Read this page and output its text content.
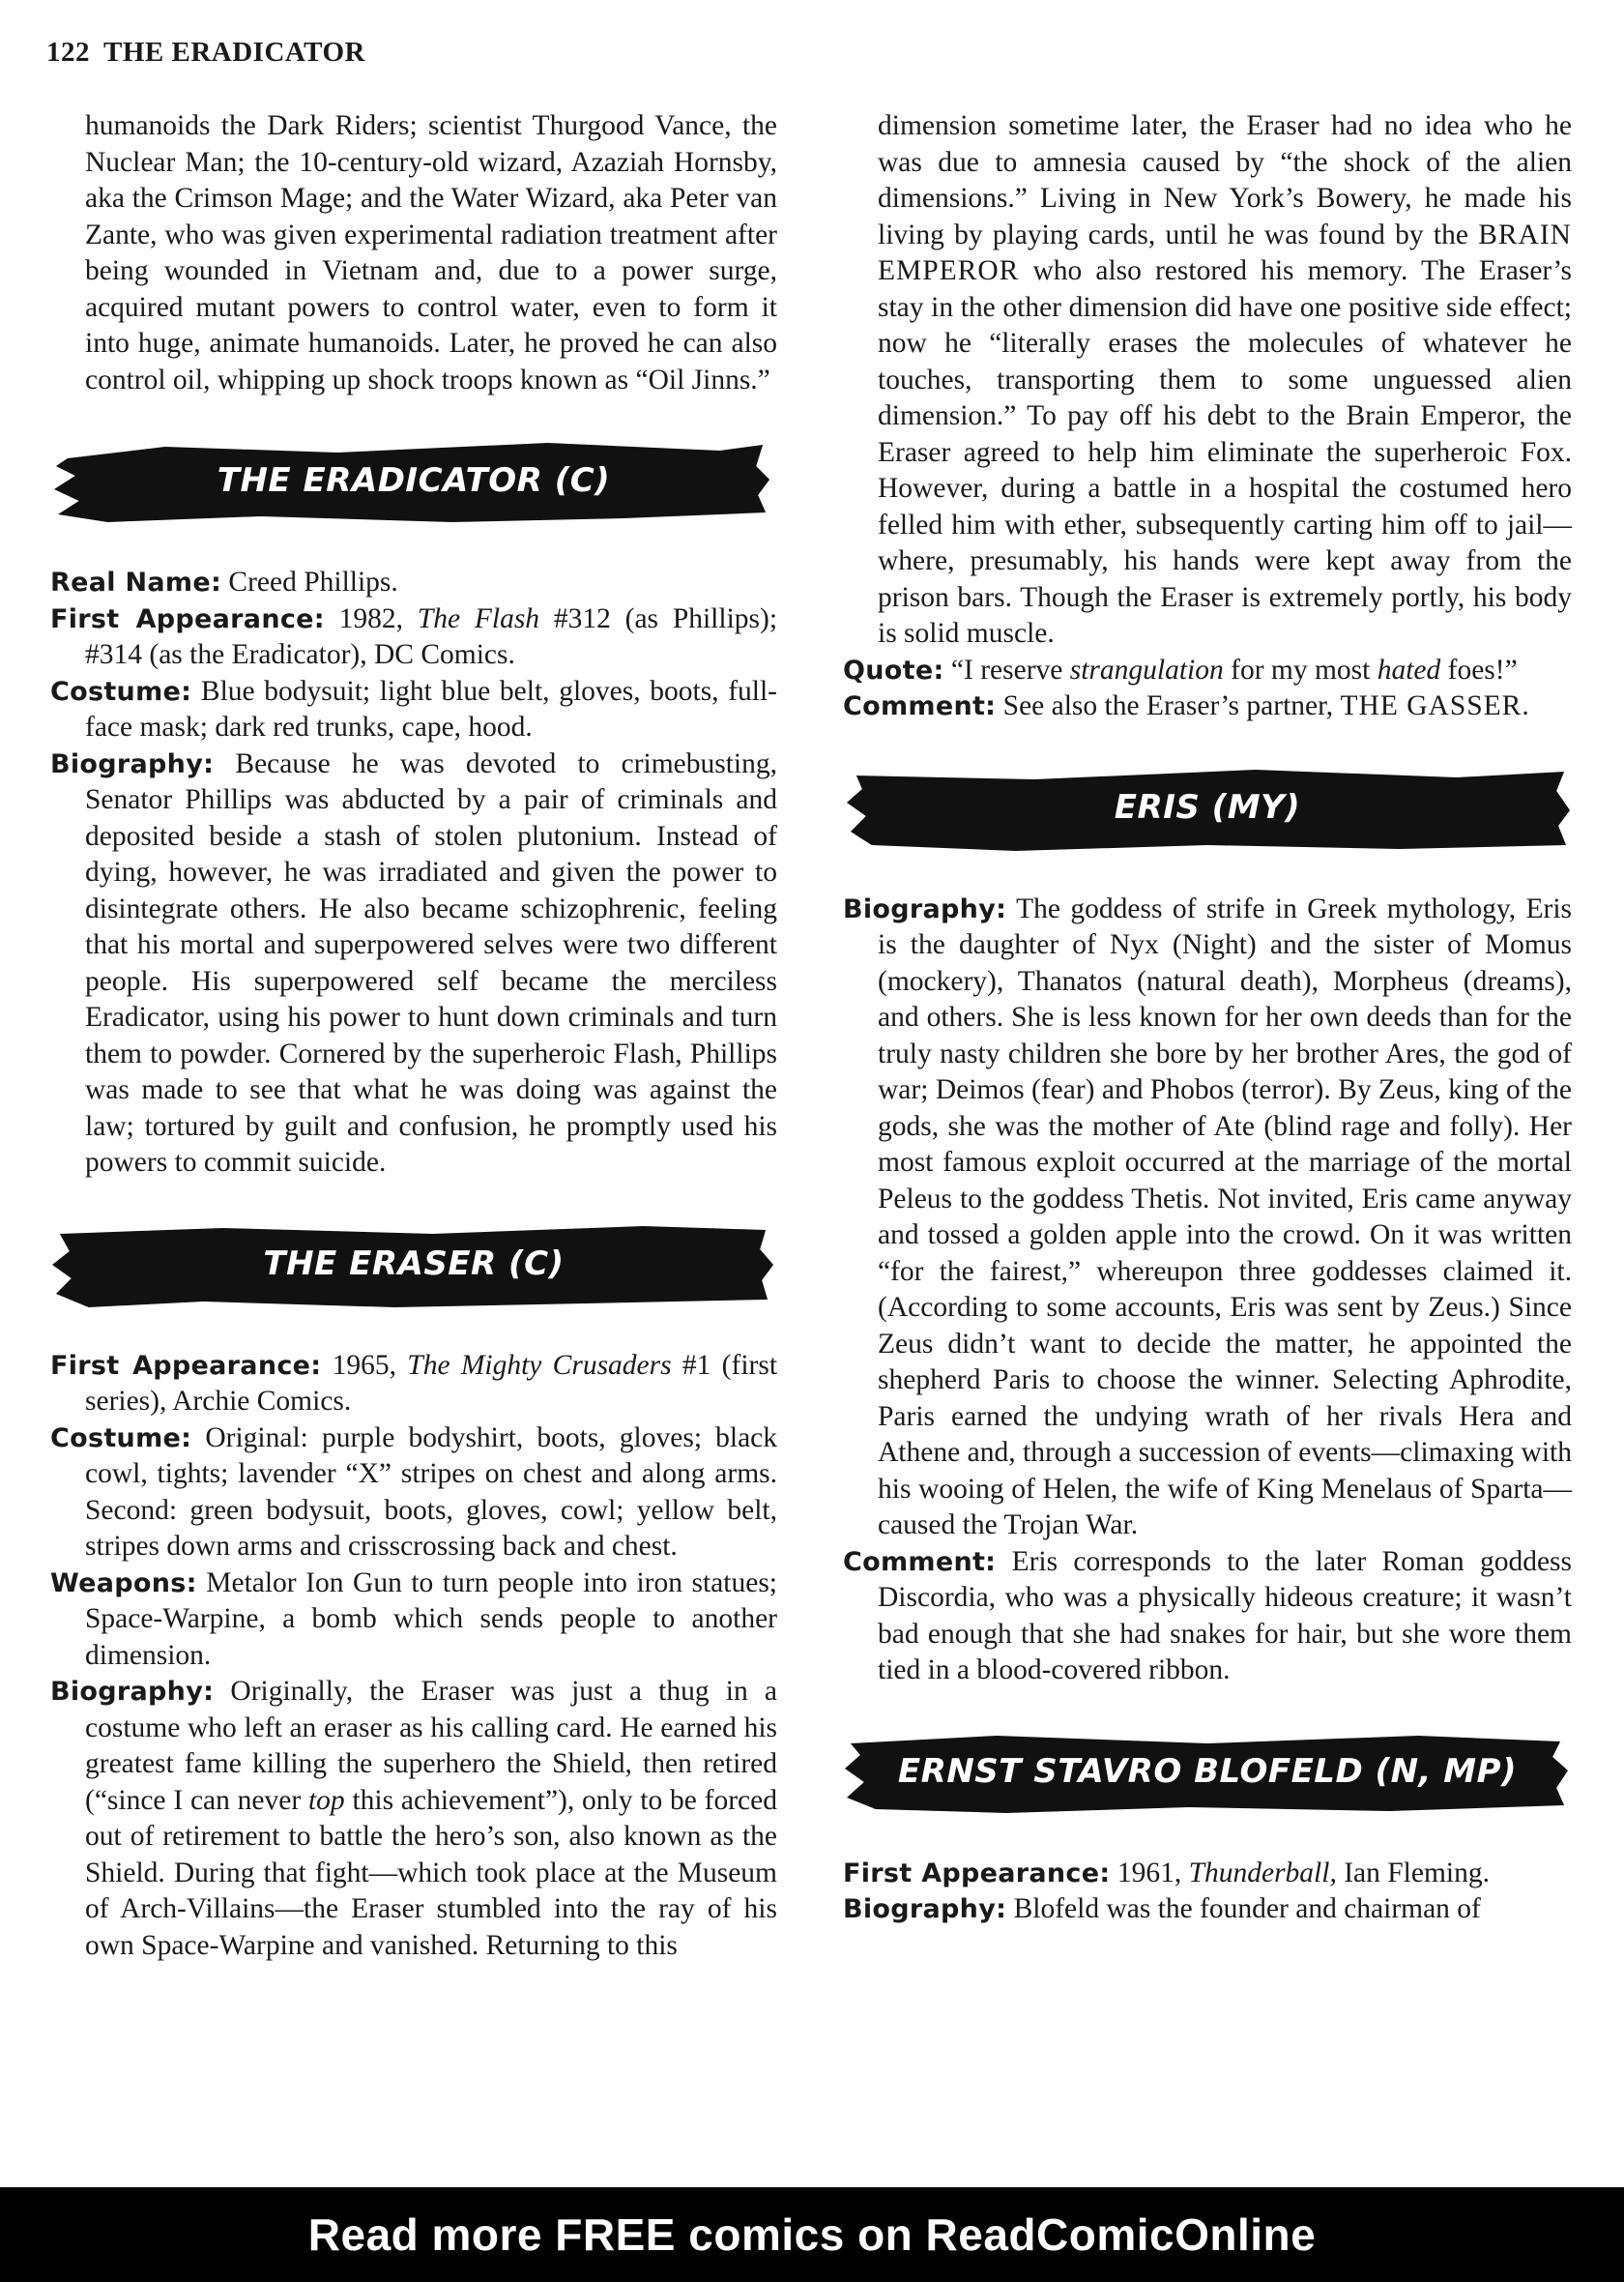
122 THE ERADICATOR

humanoids the Dark Riders; scientist Thurgood Vance, the Nuclear Man; the 10-century-old wizard, Azaziah Hornsby, aka the Crimson Mage; and the Water Wizard, aka Peter van Zante, who was given experimental radiation treatment after being wounded in Vietnam and, due to a power surge, acquired mutant powers to control water, even to form it into huge, animate humanoids. Later, he proved he can also control oil, whipping up shock troops known as “Oil Jinns.”

THE ERADICATOR (C)

Real Name: Creed Phillips.

First Appearance: 1982, The Flash #312 (as Phillips); #314 (as the Eradicator), DC Comics.

Costume: Blue bodysuit; light blue belt, gloves, boots, full-face mask; dark red trunks, cape, hood.

Biography: Because he was devoted to crimebusting, Senator Phillips was abducted by a pair of criminals and deposited beside a stash of stolen plutonium. Instead of dying, however, he was irradiated and given the power to disintegrate others. He also became schizophrenic, feeling that his mortal and superpowered selves were two different people. His superpowered self became the merciless Eradicator, using his power to hunt down criminals and turn them to powder. Cornered by the superheroic Flash, Phillips was made to see that what he was doing was against the law; tortured by guilt and confusion, he promptly used his powers to commit suicide.

THE ERASER (C)

First Appearance: 1965, The Mighty Crusaders #1 (first series), Archie Comics.

Costume: Original: purple bodyshirt, boots, gloves; black cowl, tights; lavender “X” stripes on chest and along arms. Second: green bodysuit, boots, gloves, cowl; yellow belt, stripes down arms and crisscrossing back and chest.

Weapons: Metalor Ion Gun to turn people into iron statues; Space-Warpine, a bomb which sends people to another dimension.

Biography: Originally, the Eraser was just a thug in a costume who left an eraser as his calling card. He earned his greatest fame killing the superhero the Shield, then retired (“since I can never top this achievement”), only to be forced out of retirement to battle the hero’s son, also known as the Shield. During that fight—which took place at the Museum of Arch-Villains—the Eraser stumbled into the ray of his own Space-Warpine and vanished. Returning to this

dimension sometime later, the Eraser had no idea who he was due to amnesia caused by “the shock of the alien dimensions.” Living in New York’s Bowery, he made his living by playing cards, until he was found by the BRAIN EMPEROR who also restored his memory. The Eraser’s stay in the other dimension did have one positive side effect; now he “literally erases the molecules of whatever he touches, transporting them to some unguessed alien dimension.” To pay off his debt to the Brain Emperor, the Eraser agreed to help him eliminate the superheroic Fox. However, during a battle in a hospital the costumed hero felled him with ether, subsequently carting him off to jail—where, presumably, his hands were kept away from the prison bars. Though the Eraser is extremely portly, his body is solid muscle.

Quote: “I reserve strangulation for my most hated foes!”

Comment: See also the Eraser’s partner, THE GASSER.

ERIS (MY)

Biography: The goddess of strife in Greek mythology, Eris is the daughter of Nyx (Night) and the sister of Momus (mockery), Thanatos (natural death), Morpheus (dreams), and others. She is less known for her own deeds than for the truly nasty children she bore by her brother Ares, the god of war; Deimos (fear) and Phobos (terror). By Zeus, king of the gods, she was the mother of Ate (blind rage and folly). Her most famous exploit occurred at the marriage of the mortal Peleus to the goddess Thetis. Not invited, Eris came anyway and tossed a golden apple into the crowd. On it was written “for the fairest,” whereupon three goddesses claimed it. (According to some accounts, Eris was sent by Zeus.) Since Zeus didn’t want to decide the matter, he appointed the shepherd Paris to choose the winner. Selecting Aphrodite, Paris earned the undying wrath of her rivals Hera and Athene and, through a succession of events—climaxing with his wooing of Helen, the wife of King Menelaus of Sparta—caused the Trojan War.

Comment: Eris corresponds to the later Roman goddess Discordia, who was a physically hideous creature; it wasn’t bad enough that she had snakes for hair, but she wore them tied in a blood-covered ribbon.

ERNST STAVRO BLOFELD (N, MP)

First Appearance: 1961, Thunderball, Ian Fleming.

Biography: Blofeld was the founder and chairman of

Read more FREE comics on ReadComicOnline
